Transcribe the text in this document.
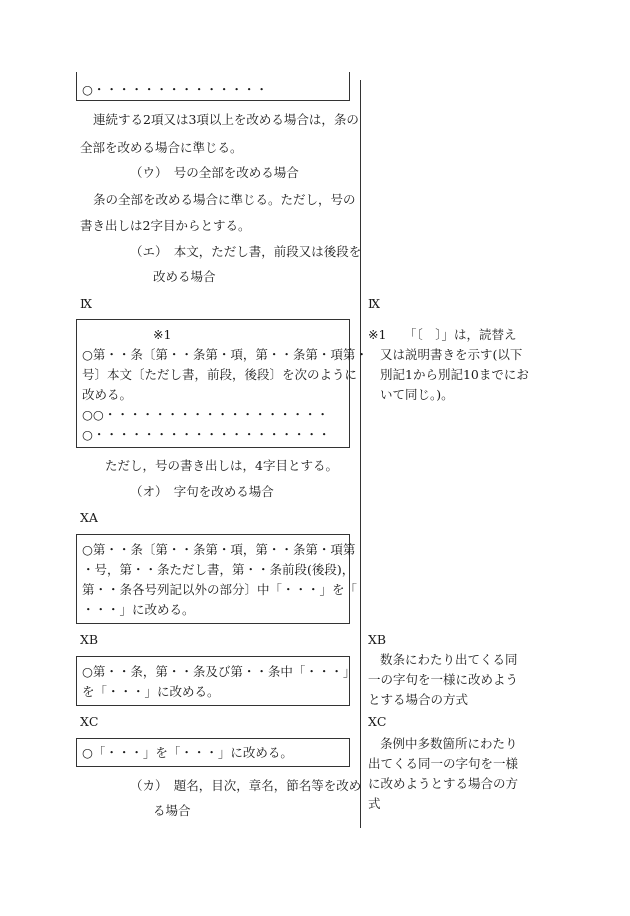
○・・・・・・・・・・・・・・
連続する2項又は3項以上を改める場合は，条の
全部を改める場合に準じる。
（ウ）　号の全部を改める場合
条の全部を改める場合に準じる。ただし，号の
書き出しは2字目からとする。
（エ）　本文，ただし書，前段又は後段を
改める場合
Ⅸ
※1
○第・・条〔第・・条第・項，第・・条第・項第・
号〕本文〔ただし書，前段，後段〕を次のように
改める。
○○・・・・・・・・・・・・・・・・・・
○・・・・・・・・・・・・・・・・・・・
ただし，号の書き出しは，4字目とする。
（オ）　字句を改める場合
ⅩA
○第・・条〔第・・条第・項，第・・条第・項第
・号，第・・条ただし書，第・・条前段(後段)，
第・・条各号列記以外の部分〕中「・・・」を「
・・・」に改める。
ⅩB
○第・・条，第・・条及び第・・条中「・・・」
を「・・・」に改める。
ⅩC
○「・・・」を「・・・」に改める。
（カ）　題名，目次，章名，節名等を改め
る場合
Ⅸ
※1 「〔　〕」は，読替え
又は説明書きを示す(以下
別記1から別記10までにお
いて同じ。)。
ⅩB
数条にわたり出てくる同
一の字句を一様に改めよう
とする場合の方式
ⅩC
条例中多数箇所にわたり
出てくる同一の字句を一様
に改めようとする場合の方
式
